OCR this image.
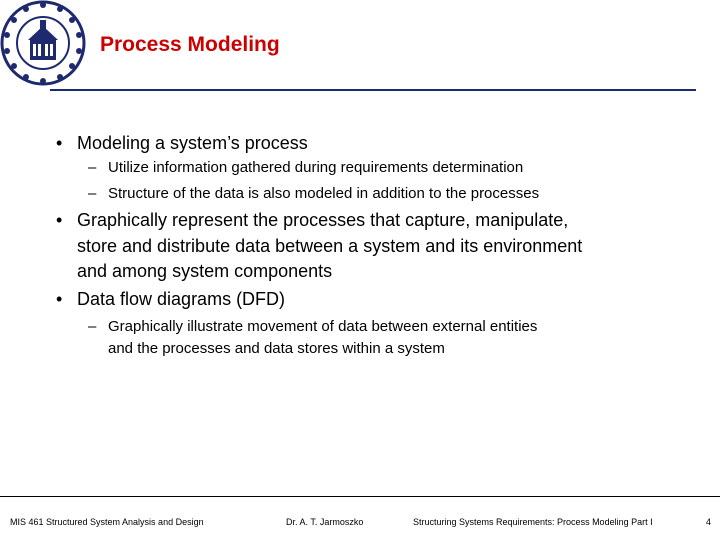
Process Modeling
• Modeling a system’s process
– Utilize information gathered during requirements determination
– Structure of the data is also modeled in addition to the processes
• Graphically represent the processes that capture, manipulate,
store and distribute data between a system and its environment
and among system components
• Data flow diagrams (DFD)
– Graphically illustrate movement of data between external entities
and the processes and data stores within a system
MIS 461 Structured System Analysis and Design	Dr. A. T. Jarmoszko	Structuring Systems Requirements: Process Modeling Part I	4
